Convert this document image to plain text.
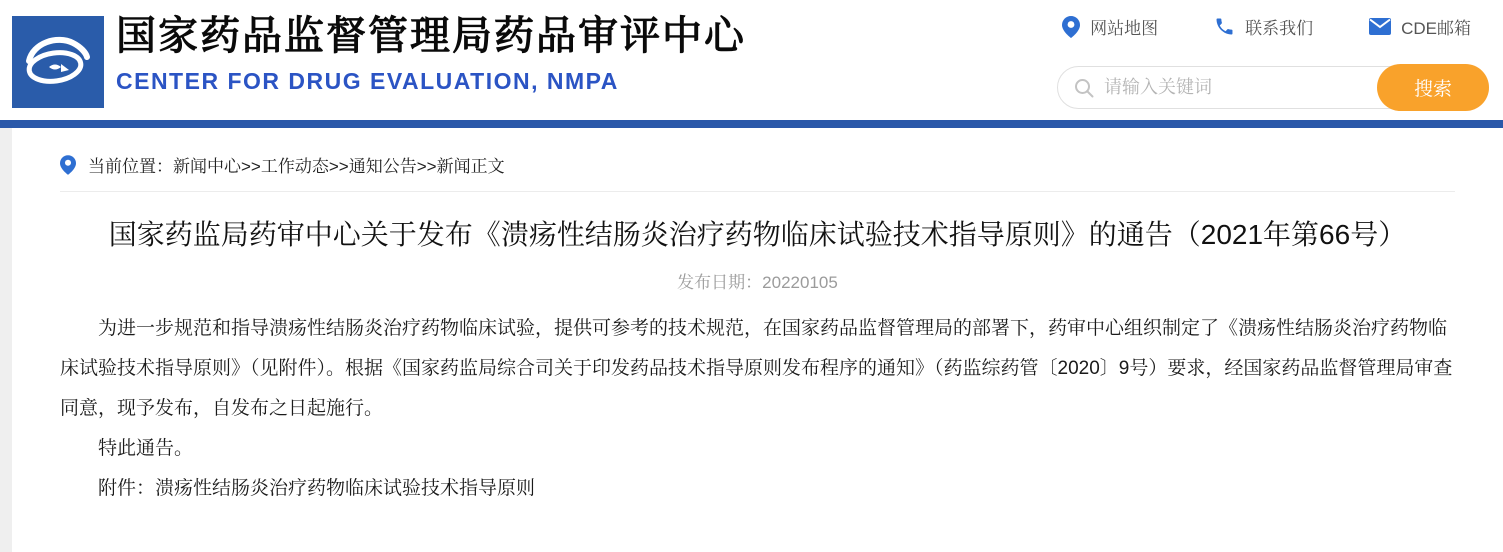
国家药品监督管理局药品审评中心
CENTER FOR DRUG EVALUATION, NMPA
网站地图	联系我们	CDE邮箱
请输入关键词
搜索
当前位置：新闻中心>>工作动态>>通知公告>>新闻正文
国家药监局药审中心关于发布《溃疡性结肠炎治疗药物临床试验技术指导原则》的通告（2021年第66号）
发布日期：20220105

为进一步规范和指导溃疡性结肠炎治疗药物临床试验，提供可参考的技术规范，在国家药品监督管理局的部署下，药审中心组织制定了《溃疡性结肠炎治疗药物临床试验技术指导原则》（见附件）。根据《国家药监局综合司关于印发药品技术指导原则发布程序的通知》（药监综药管〔2020〕9号）要求，经国家药品监督管理局审查同意，现予发布，自发布之日起施行。

特此通告。

附件：溃疡性结肠炎治疗药物临床试验技术指导原则
